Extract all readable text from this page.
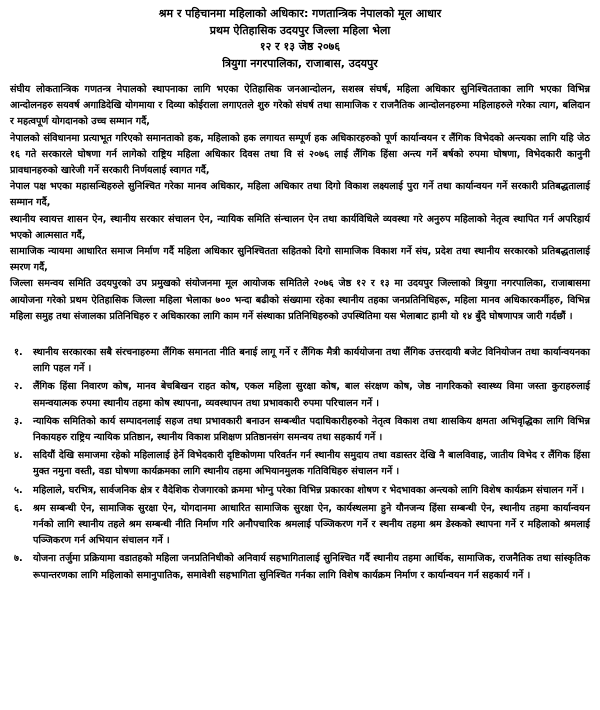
श्रम र पहिचानमा महिलाको अधिकार: गणतान्त्रिक नेपालको मूल आधार
प्रथम ऐतिहासिक उदयपुर जिल्ला महिला भेला
१२ र १३ जेष्ठ २०७६
त्रियुगा नगरपालिका, राजाबास, उदयपुर

संघीय लोकतान्त्रिक गणतन्त्र नेपालको स्थापनाका लागि भएका ऐतिहासिक जनआन्दोलन, सशस्त्र संघर्ष, महिला अधिकार सुनिश्चितताका लागि भएका विभिन्न आन्दोलनहरु सयवर्ष अगाडिदेखि योगमाया र दिव्या कोईराला लगाएतले शुरु गरेको संघर्ष तथा सामाजिक र राजनैतिक आन्दोलनहरुमा महिलाहरुले गरेका त्याग, बलिदान र महत्वपूर्ण योगदानको उच्च सम्मान गर्दै,

नेपालको संविधानमा प्रत्याभूत गरिएको समानताको हक, महिलाको हक लगायत सम्पूर्ण हक अधिकारहरुको पूर्ण कार्यान्वयन र लैंगिक विभेदको अन्त्यका लागि यहि जेठ १६ गते सरकारले घोषणा गर्न लागेको राष्ट्रिय महिला अधिकार दिवस तथा वि सं २०७६ लाई लैंगिक हिंसा अन्त्य गर्ने बर्षको रुपमा घोषणा, विभेदकारी कानुनी प्रावधानहरुको खारेजी गर्ने सरकारी निर्णयलाई स्वागत गर्दै,

नेपाल पक्ष भएका महासन्धिहरुले सुनिश्चित गरेका मानव अधिकार, महिला अधिकार तथा दिगो विकाश लक्ष्यलाई पुरा गर्ने तथा कार्यान्वयन गर्ने सरकारी प्रतिबद्धतालाई सम्मान गर्दै,

स्थानीय स्वायत्त शासन ऐन, स्थानीय सरकार संचालन ऐन, न्यायिक समिति संन्चालन ऐन तथा कार्यविधिले व्यवस्था गरे अनुरुप महिलाको नेतृत्व स्थापित गर्न अपरिहार्य भएको आत्मसात गर्दै,

सामाजिक न्यायमा आधारित समाज निर्माण गर्दै महिला अधिकार सुनिश्चितता सहितको दिगो सामाजिक विकाश गर्ने संघ, प्रदेश तथा स्थानीय सरकारको प्रतिबद्धतालाई स्मरण गर्दै,

जिल्ला समन्वय समिति उदयपुरको उप प्रमुखको संयोजनमा मूल आयोजक समितिले २०७६ जेष्ठ १२ र १३ मा उदयपुर जिल्लाको त्रियुगा नगरपालिका, राजाबासमा आयोजना गरेको प्रथम ऐतिहासिक जिल्ला महिला भेलाका ७०० भन्दा बढीको संख्यामा रहेका स्थानीय तहका जनप्रतिनिधिहरू, महिला मानव अधिकारकर्मीहरु, विभिन्न महिला समुह तथा संजालका प्रतिनिधिहरु र अधिकारका लागि काम गर्ने संस्थाका प्रतिनिधिहरुको उपस्थितिमा यस भेलाबाट हामी यो १४ बुँदे घोषणापत्र जारी गर्दछौं ।

१.	स्थानीय सरकारका सबै संरचनाहरुमा लैंगिक समानता नीति बनाई लागू गर्ने र लैंगिक मैत्री कार्ययोजना तथा लैंगिक उत्तरदायी बजेट विनियोजन तथा कार्यान्वयनका लागि पहल गर्ने ।
२.	लैंगिक हिंसा निवारण कोष, मानव बेचबिखन राहत कोष, एकल महिला सुरक्षा कोष, बाल संरक्षण कोष, जेष्ठ नागरिकको स्वास्थ्य विमा जस्ता कुराहरुलाई समन्वयात्मक रुपमा स्थानीय तहमा कोष स्थापना, व्यवस्थापन तथा प्रभावकारी रुपमा परिचालन गर्ने ।
३.	न्यायिक समितिको कार्य सम्पादनलाई सहज तथा प्रभावकारी बनाउन सम्बन्धीत पदाधिकारीहरुको नेतृत्व विकाश तथा शासकिय क्षमता अभिवृद्धिका लागि विभिन्न निकायहरु राष्ट्रिय न्यायिक प्रतिष्ठान, स्थानीय विकाश प्रशिक्षण प्रतिष्ठानसंग समन्वय तथा सहकार्य गर्ने ।
४.	सदियौं देखि समाजमा रहेको महिलालाई हेर्ने विभेदकारी दृष्टिकोणमा परिवर्तन गर्न स्थानीय समुदाय तथा वडास्तर देखि नै बालविवाह, जातीय विभेद र लैंगिक हिंसा मुक्त नमुना वस्ती, वडा घोषणा कार्यक्रमका लागि स्थानीय तहमा अभियानमुलक गतिविधिहरु संचालन गर्ने ।
५.	महिलाले, घरभित्र, सार्वजनिक क्षेत्र र वैदेशिक रोजगारको क्रममा भोग्नु परेका विभिन्न प्रकारका शोषण र भेदभावका अन्त्यको लागि विशेष कार्यक्रम संचालन गर्ने ।
६.	श्रम सम्बन्धी ऐन, सामाजिक सुरक्षा ऐन, योगदानमा आधारित सामाजिक सुरक्षा ऐन, कार्यस्थलमा हुने यौनजन्य हिंसा सम्बन्धी ऐन, स्थानीय तहमा कार्यान्वयन गर्नको लागि स्थानीय तहले श्रम सम्बन्धी नीति निर्माण गरि अनौपचारिक श्रमलाई पञ्जिकरण गर्ने र स्थनीय तहमा श्रम डेस्कको स्थापना गर्ने र महिलाको श्रमलाई पञ्जिकरण गर्न अभियान संचालन गर्ने ।
७.	योजना तर्जुमा प्रक्रियामा वडातहको महिला जनप्रतिनिधीको अनिवार्य सहभागितालाई सुनिश्चित गर्दै स्थानीय तहमा आर्थिक, सामाजिक, राजनैतिक तथा सांस्कृतिक रूपान्तरणका लागि महिलाको समानुपातिक, समावेशी सहभागिता सुनिश्चित गर्नका लागि विशेष कार्यक्रम निर्माण र कार्यान्वयन गर्न सहकार्य गर्ने ।
